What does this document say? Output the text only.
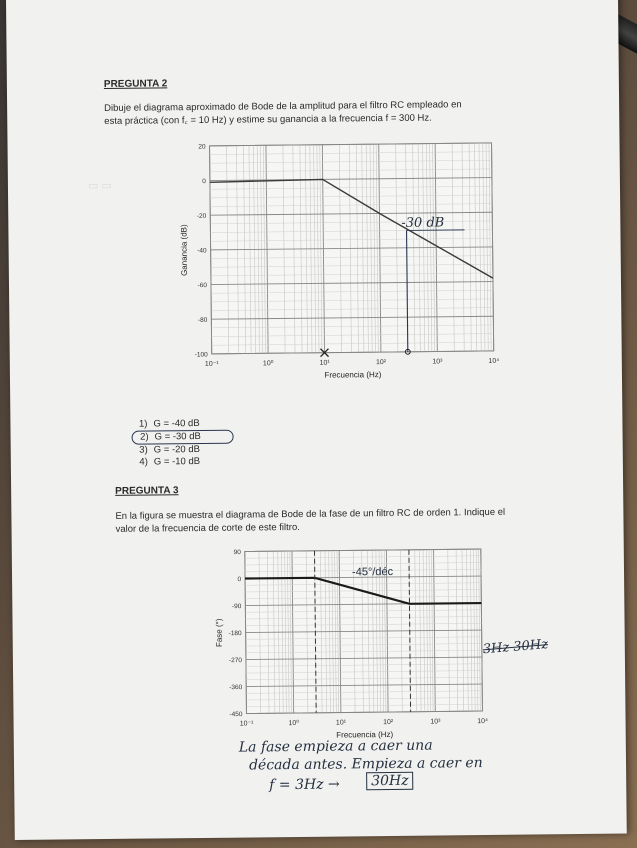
▭ ▭
PREGUNTA 2
Dibuje el diagrama aproximado de Bode de la amplitud para el filtro RC empleado en
esta práctica (con f꜀ = 10 Hz) y estime su ganancia a la frecuencia f = 300 Hz.
10⁻¹	10⁰	10¹	10²	10³	10⁴
20
0
-20
-40
-60
-80
-100
Frecuencia (Hz)
Ganancia (dB)
-30 dB
1) G = -40 dB
2) G = -30 dB
3) G = -20 dB
4) G = -10 dB
PREGUNTA 3
En la figura se muestra el diagrama de Bode de la fase de un filtro RC de orden 1. Indique el
valor de la frecuencia de corte de este filtro.
10⁻¹	10⁰	10¹	10²	10³	10⁴
90
0
-90
-180
-270
-360
-450
Frecuencia (Hz)
Fase (°)
-45°/déc
3Hz 30Hz
La fase empieza a caer una
década antes. Empieza a caer en
f = 3Hz →	30Hz
